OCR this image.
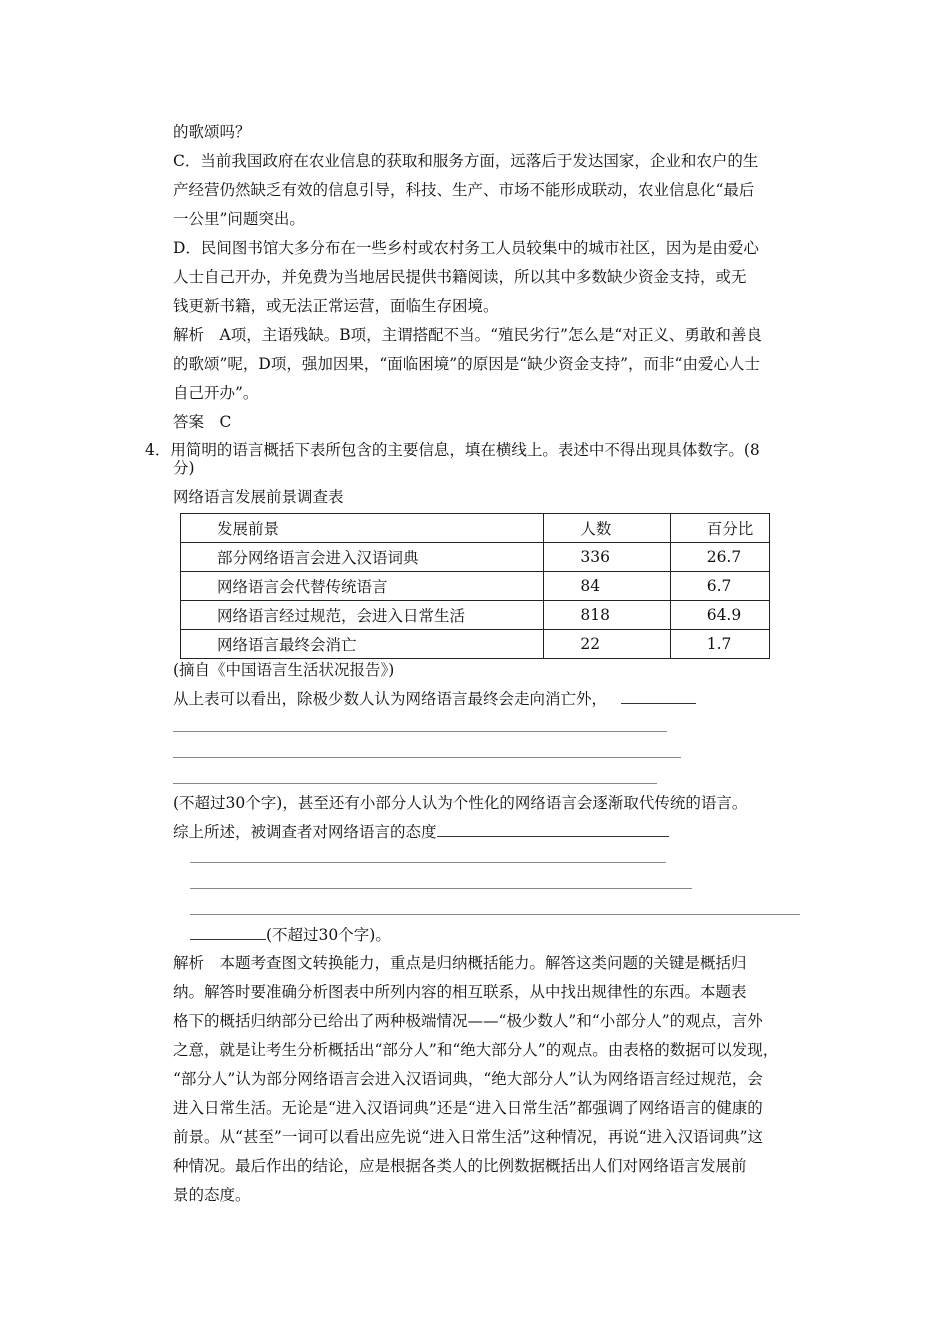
的歌颂吗？

C．当前我国政府在农业信息的获取和服务方面，远落后于发达国家，企业和农户的生

产经营仍然缺乏有效的信息引导，科技、生产、市场不能形成联动，农业信息化“最后

一公里”问题突出。

D．民间图书馆大多分布在一些乡村或农村务工人员较集中的城市社区，因为是由爱心

人士自己开办，并免费为当地居民提供书籍阅读，所以其中多数缺少资金支持，或无

钱更新书籍，或无法正常运营，面临生存困境。

解析　A项，主语残缺。B项，主谓搭配不当。“殖民劣行”怎么是“对正义、勇敢和善良

的歌颂”呢，D项，强加因果，“面临困境”的原因是“缺少资金支持”，而非“由爱心人士

自己开办”。

答案　C

4．用简明的语言概括下表所包含的主要信息，填在横线上。表述中不得出现具体数字。(8

分)

网络语言发展前景调查表

发展前景	人数	百分比
部分网络语言会进入汉语词典	336	26.7
网络语言会代替传统语言	84	6.7
网络语言经过规范，会进入日常生活	818	64.9
网络语言最终会消亡	22	1.7

(摘自《中国语言生活状况报告》)

从上表可以看出，除极少数人认为网络语言最终会走向消亡外，

(不超过30个字)，甚至还有小部分人认为个性化的网络语言会逐渐取代传统的语言。

综上所述，被调查者对网络语言的态度

(不超过30个字)。

解析　本题考查图文转换能力，重点是归纳概括能力。解答这类问题的关键是概括归

纳。解答时要准确分析图表中所列内容的相互联系，从中找出规律性的东西。本题表

格下的概括归纳部分已给出了两种极端情况——“极少数人”和“小部分人”的观点，言外

之意，就是让考生分析概括出“部分人”和“绝大部分人”的观点。由表格的数据可以发现，

“部分人”认为部分网络语言会进入汉语词典，“绝大部分人”认为网络语言经过规范，会

进入日常生活。无论是“进入汉语词典”还是“进入日常生活”都强调了网络语言的健康的

前景。从“甚至”一词可以看出应先说“进入日常生活”这种情况，再说“进入汉语词典”这

种情况。最后作出的结论，应是根据各类人的比例数据概括出人们对网络语言发展前

景的态度。
